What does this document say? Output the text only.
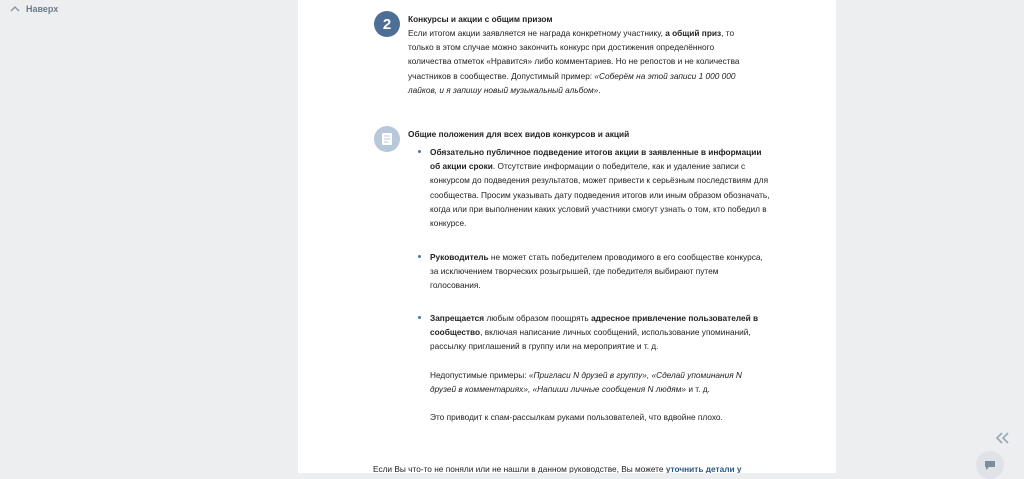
Наверх
2 Конкурсы и акции с общим призом

Если итогом акции заявляется не награда конкретному участнику, а общий приз, то только в этом случае можно закончить конкурс при достижения определённого количества отметок «Нравится» либо комментариев. Но не репостов и не количества участников в сообществе. Допустимый пример: «Соберём на этой записи 1 000 000 лайков, и я запишу новый музыкальный альбом».

Общие положения для всех видов конкурсов и акций

Обязательно публичное подведение итогов акции в заявленные в информации об акции сроки. Отсутствие информации о победителе, как и удаление записи с конкурсом до подведения результатов, может привести к серьёзным последствиям для сообщества. Просим указывать дату подведения итогов или иным образом обозначать, когда или при выполнении каких условий участники смогут узнать о том, кто победил в конкурсе.

Руководитель не может стать победителем проводимого в его сообществе конкурса, за исключением творческих розыгрышей, где победителя выбирают путем голосования.

Запрещается любым образом поощрять адресное привлечение пользователей в сообщество, включая написание личных сообщений, использование упоминаний, рассылку приглашений в группу или на мероприятие и т. д.

Недопустимые примеры: «Пригласи N друзей в группу», «Сделай упоминания N друзей в комментариях», «Напиши личные сообщения N людям» и т. д.

Это приводит к спам-рассылкам руками пользователей, что вдвойне плохо.

Если Вы что-то не поняли или не нашли в данном руководстве, Вы можете уточнить детали у
